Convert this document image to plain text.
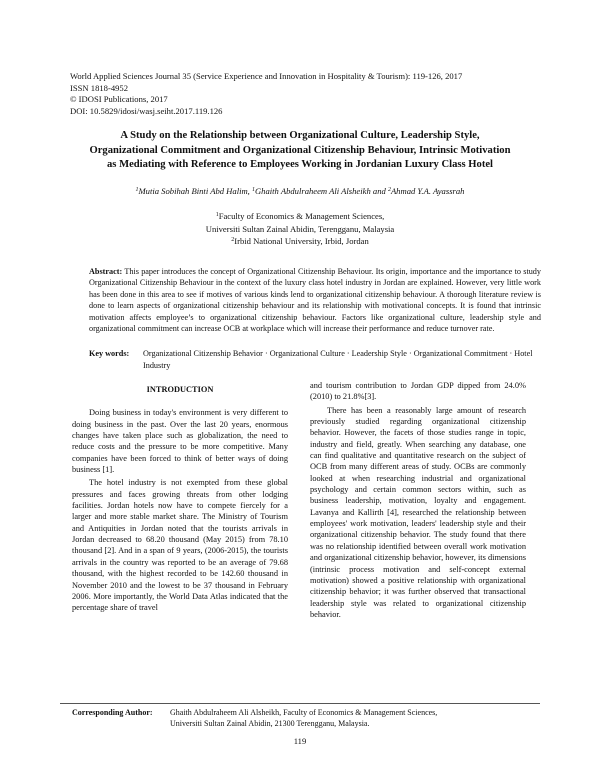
World Applied Sciences Journal 35 (Service Experience and Innovation in Hospitality & Tourism): 119-126, 2017
ISSN 1818-4952
© IDOSI Publications, 2017
DOI: 10.5829/idosi/wasj.seiht.2017.119.126
A Study on the Relationship between Organizational Culture, Leadership Style,
Organizational Commitment and Organizational Citizenship Behaviour, Intrinsic Motivation
as Mediating with Reference to Employees Working in Jordanian Luxury Class Hotel
$^1$Mutia Sobihah Binti Abd Halim, $^1$Ghaith Abdulraheem Ali Alsheikh and $^2$Ahmad Y.A. Ayassrah
$^1$Faculty of Economics & Management Sciences,
Universiti Sultan Zainal Abidin, Terengganu, Malaysia
$^2$Irbid National University, Irbid, Jordan
Abstract: This paper introduces the concept of Organizational Citizenship Behaviour. Its origin, importance and the importance to study Organizational Citizenship Behaviour in the context of the luxury class hotel industry in Jordan are explained. However, very little work has been done in this area to see if motives of various kinds lend to organizational citizenship behaviour. A thorough literature review is done to learn aspects of organizational citizenship behaviour and its relationship with motivational concepts. It is found that intrinsic motivation affects employee’s to organizational citizenship behaviour. Factors like organizational culture, leadership style and organizational commitment can increase OCB at workplace which will increase their performance and reduce turnover rate.
Key words: Organizational Citizenship Behavior · Organizational Culture · Leadership Style · Organizational Commitment · Hotel Industry
INTRODUCTION

Doing business in today's environment is very different to doing business in the past. Over the last 20 years, enormous changes have taken place such as globalization, the need to reduce costs and the pressure to be more competitive. Many companies have been forced to think of better ways of doing business [1].

The hotel industry is not exempted from these global pressures and faces growing threats from other lodging facilities. Jordan hotels now have to compete fiercely for a larger and more stable market share. The Ministry of Tourism and Antiquities in Jordan noted that the tourists arrivals in Jordan decreased to 68.20 thousand (May 2015) from 78.10 thousand [2]. And in a span of 9 years, (2006-2015), the tourists arrivals in the country was reported to be an average of 79.68 thousand, with the highest recorded to be 142.60 thousand in November 2010 and the lowest to be 37 thousand in February 2006. More importantly, the World Data Atlas indicated that the percentage share of travel

and tourism contribution to Jordan GDP dipped from 24.0% (2010) to 21.8%[3].

There has been a reasonably large amount of research previously studied regarding organizational citizenship behavior. However, the facets of those studies range in topic, industry and field, greatly. When searching any database, one can find qualitative and quantitative research on the subject of OCB from many different areas of study. OCBs are commonly looked at when researching industrial and organizational psychology and certain common sectors within, such as business leadership, motivation, loyalty and engagement. Lavanya and Kallirth [4], researched the relationship between employees' work motivation, leaders' leadership style and their organizational citizenship behavior. The study found that there was no relationship identified between overall work motivation and organizational citizenship behavior, however, its dimensions (intrinsic process motivation and self-concept external motivation) showed a positive relationship with organizational citizenship behavior; it was further observed that transactional leadership style was related to organizational citizenship behavior.

Corresponding Author: Ghaith Abdulraheem Ali Alsheikh, Faculty of Economics & Management Sciences,
Universiti Sultan Zainal Abidin, 21300 Terengganu, Malaysia.
119
